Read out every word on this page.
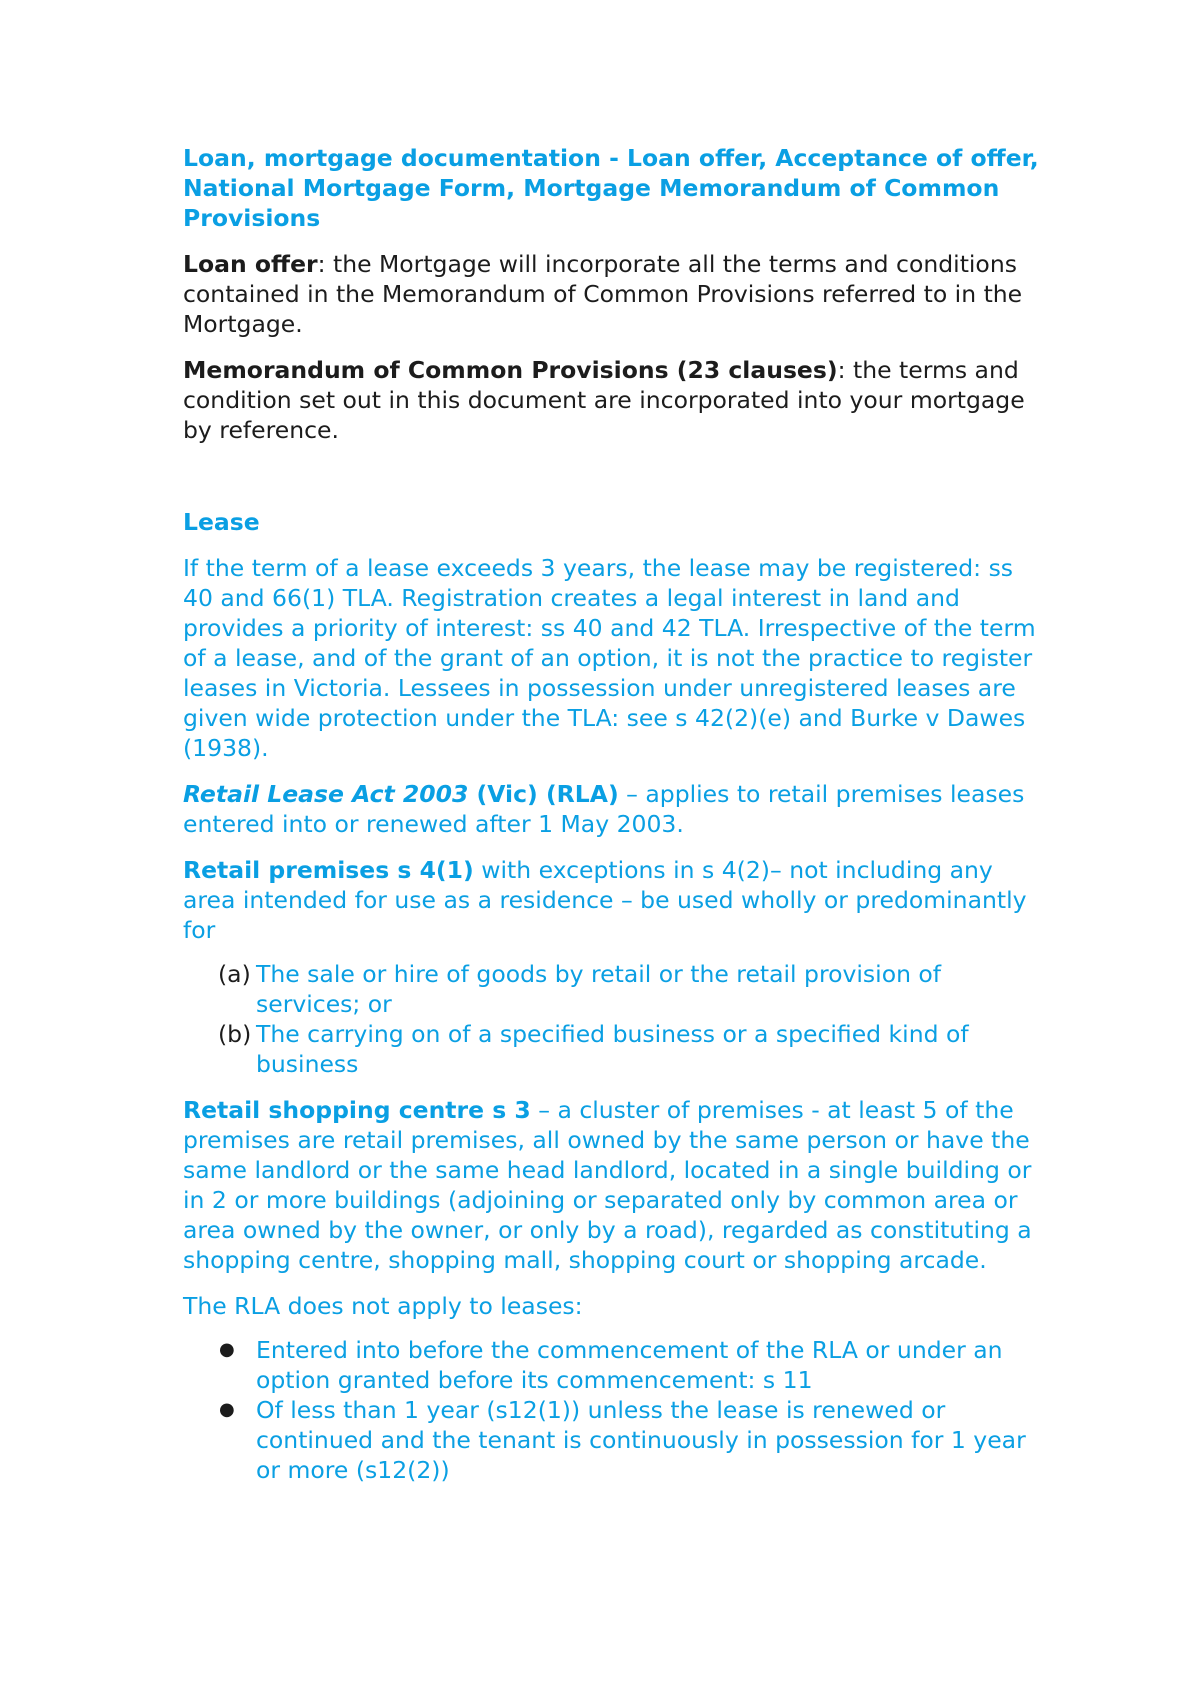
Loan, mortgage documentation - Loan offer, Acceptance of offer, National Mortgage Form, Mortgage Memorandum of Common Provisions

Loan offer: the Mortgage will incorporate all the terms and conditions contained in the Memorandum of Common Provisions referred to in the Mortgage.

Memorandum of Common Provisions (23 clauses): the terms and condition set out in this document are incorporated into your mortgage by reference.

Lease

If the term of a lease exceeds 3 years, the lease may be registered: ss 40 and 66(1) TLA. Registration creates a legal interest in land and provides a priority of interest: ss 40 and 42 TLA. Irrespective of the term of a lease, and of the grant of an option, it is not the practice to register leases in Victoria. Lessees in possession under unregistered leases are given wide protection under the TLA: see s 42(2)(e) and Burke v Dawes (1938).

Retail Lease Act 2003 (Vic) (RLA) – applies to retail premises leases entered into or renewed after 1 May 2003.

Retail premises s 4(1) with exceptions in s 4(2)– not including any area intended for use as a residence – be used wholly or predominantly for

(a) The sale or hire of goods by retail or the retail provision of services; or
(b) The carrying on of a specified business or a specified kind of business

Retail shopping centre s 3 – a cluster of premises - at least 5 of the premises are retail premises, all owned by the same person or have the same landlord or the same head landlord, located in a single building or in 2 or more buildings (adjoining or separated only by common area or area owned by the owner, or only by a road), regarded as constituting a shopping centre, shopping mall, shopping court or shopping arcade.

The RLA does not apply to leases:

● Entered into before the commencement of the RLA or under an option granted before its commencement: s 11
● Of less than 1 year (s12(1)) unless the lease is renewed or continued and the tenant is continuously in possession for 1 year or more (s12(2))
